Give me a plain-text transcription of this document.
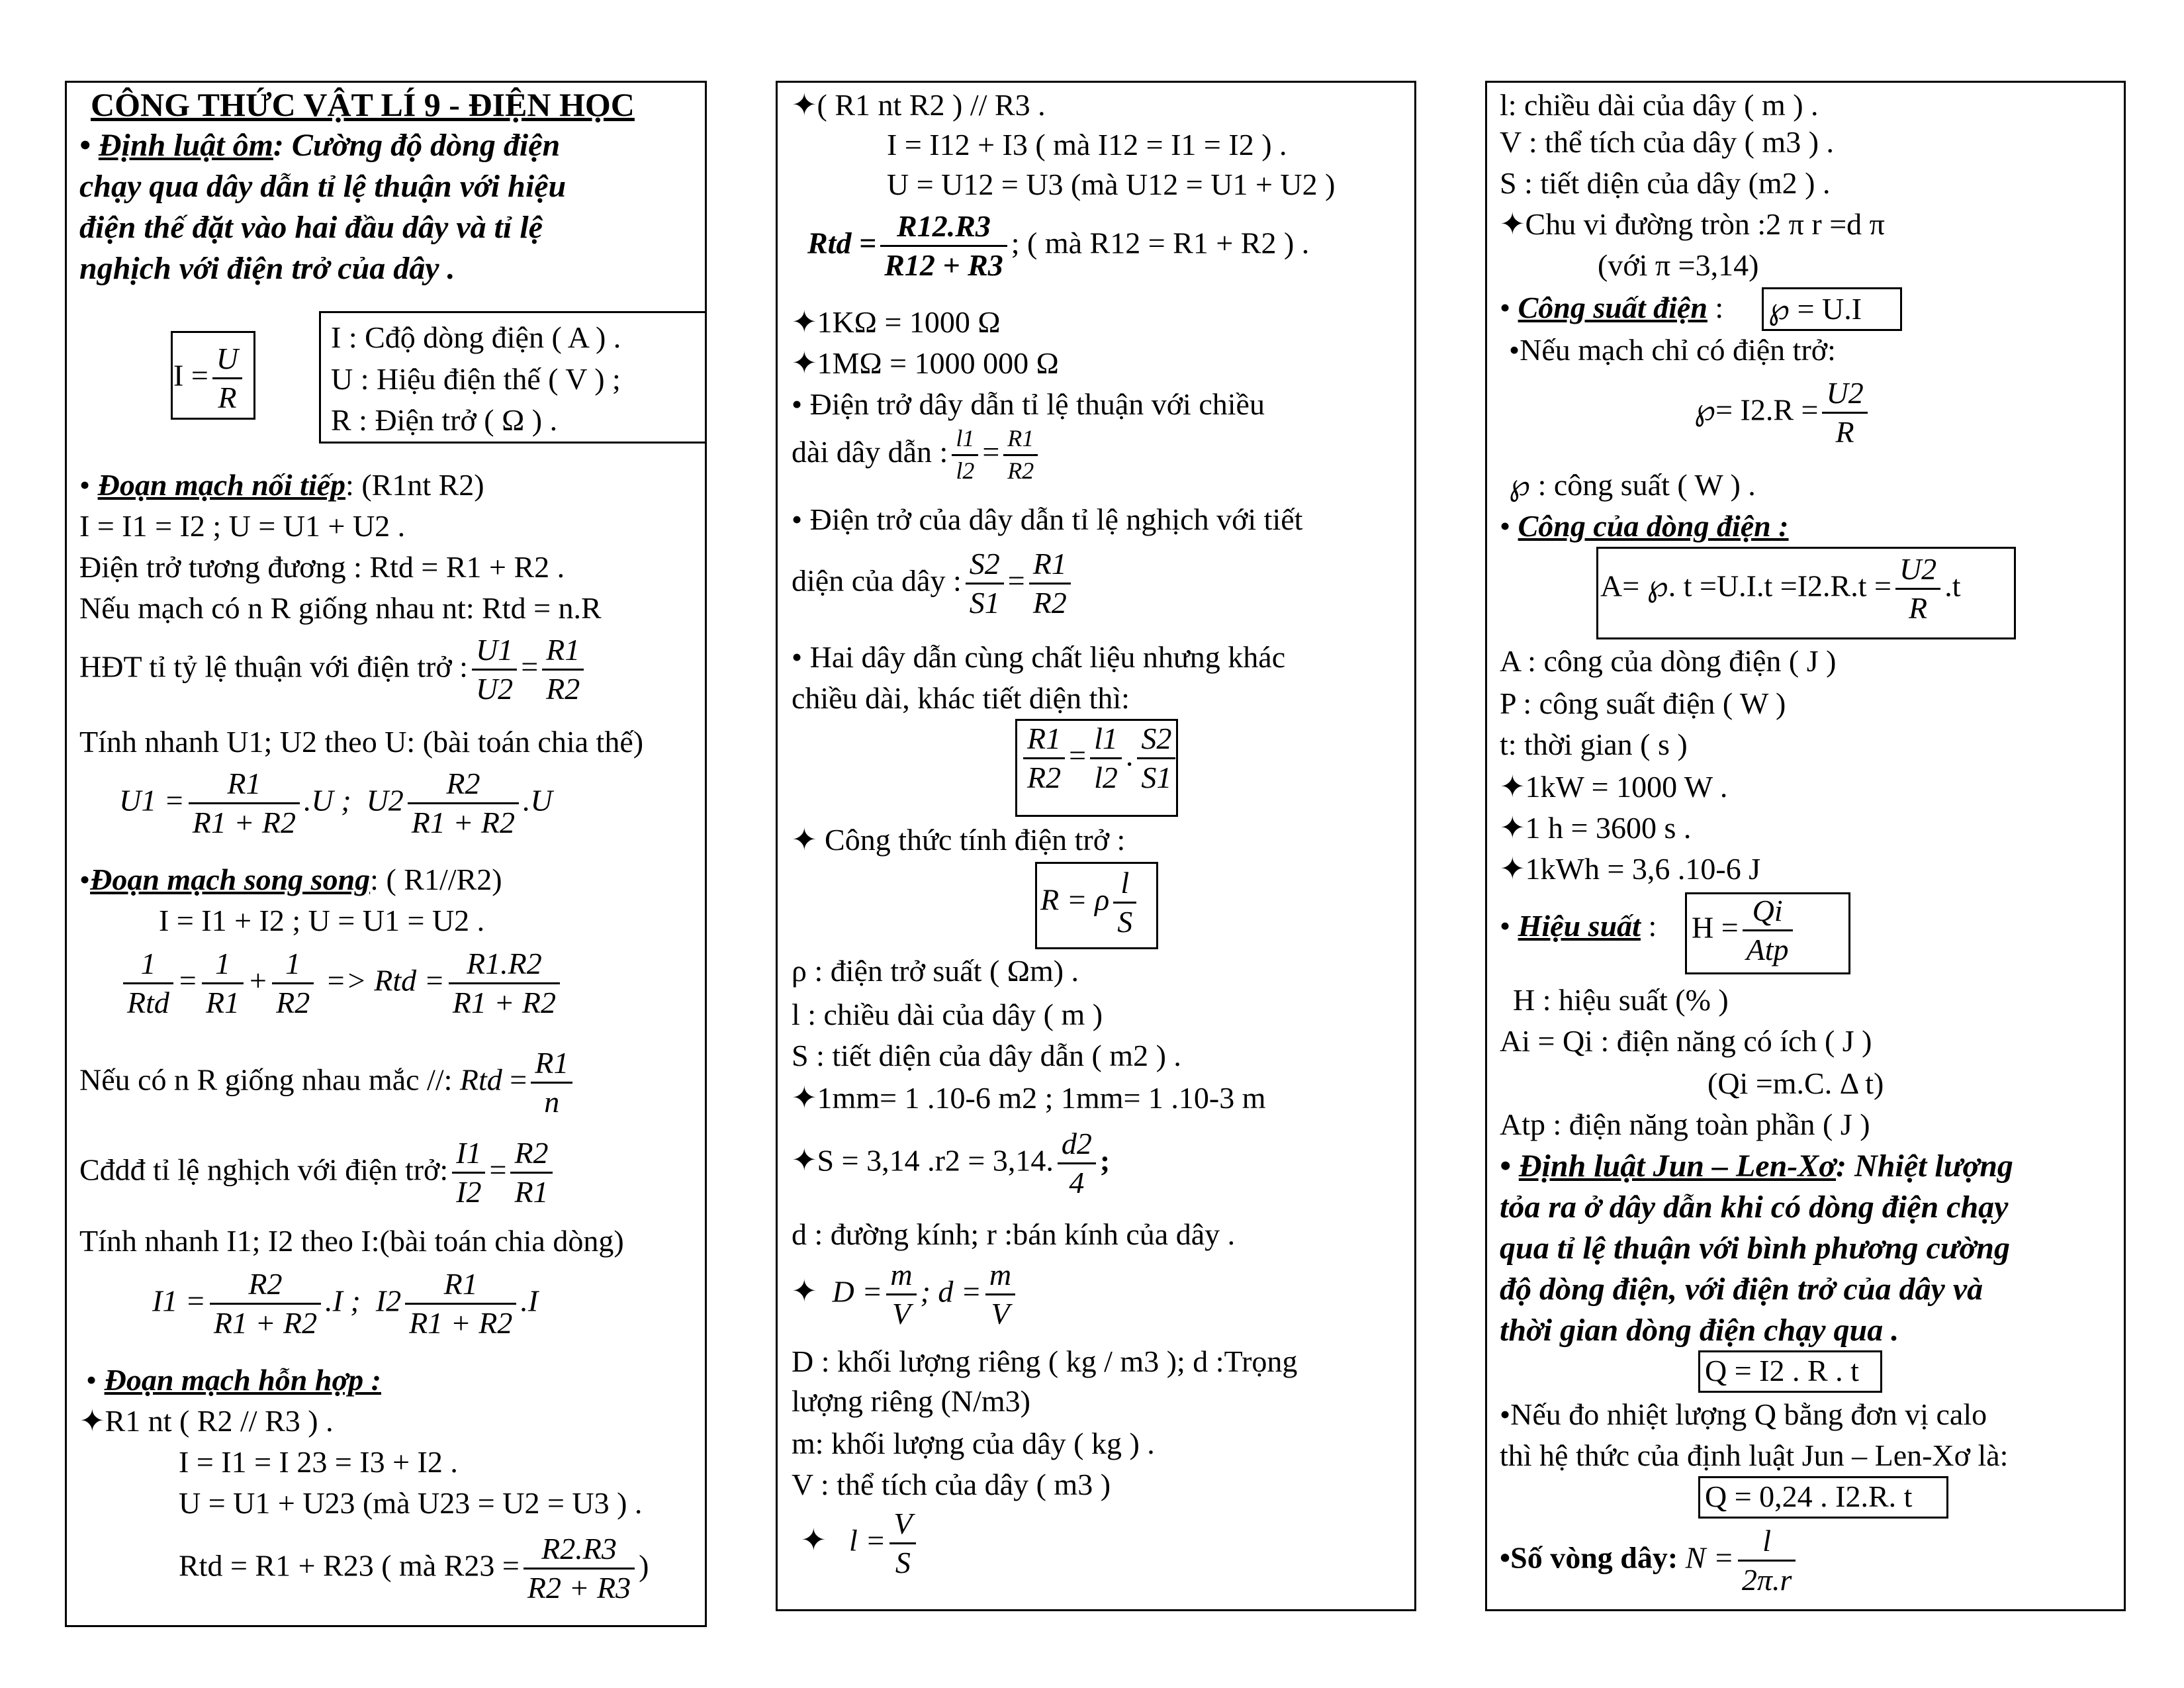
CÔNG THỨC VẬT LÍ 9 - ĐIỆN HỌC
• Định luật ôm: Cường độ dòng điện
chạy qua dây dẫn tỉ lệ thuận với hiệu
điện thế đặt vào hai đầu dây và tỉ lệ
nghịch với điện trở của dây .
$I = \frac{U}{R}$
I : Cđộ dòng điện ( A ) .
U : Hiệu điện thế ( V ) ;
R : Điện trở ( Ω ) .
• Đoạn mạch nối tiếp: (R1nt R2)
I = I1 = I2 ; U = U1 + U2 .
Điện trở tương đương : Rtd = R1 + R2 .
Nếu mạch có n R giống nhau nt: Rtd = n.R
HĐT tỉ tỷ lệ thuận với điện trở : $\frac{U1}{U2} = \frac{R1}{R2}$
Tính nhanh U1; U2 theo U: (bài toán chia thế)
$U1 = \frac{R1}{R1 + R2} .U$ ; $U2 \frac{R2}{R1 + R2} .U$
•Đoạn mạch song song: ( R1//R2)
I = I1 + I2 ; U = U1 = U2 .
1
Rtd
= $\frac{1}{R1} + \frac{1}{R2}$ => Rtd = $\frac{R1.R2}{R1 + R2}$
Nếu có n R giống nhau mắc //: Rtd = $\frac{R1}{n}$
Cđdđ tỉ lệ nghịch với điện trở: $\frac{I1}{I2} = \frac{R2}{R1}$
Tính nhanh I1; I2 theo I:(bài toán chia dòng)
$I1 = \frac{R2}{R1 + R2} .I$ ; $I2 \frac{R1}{R1 + R2} .I$
• Đoạn mạch hỗn hợp :
✦ R1 nt ( R2 // R3 ) .
I = I1 = I 23 = I3 + I2 .
U = U1 + U23 (mà U23 = U2 = U3 ) .
Rtd = R1 + R23 ( mà $R23 = \frac{R2.R3}{R2 + R3}$ )
✦ ( R1 nt R2 ) // R3 .
I = I12 + I3 ( mà I12 = I1 = I2 ) .
U = U12 = U3 (mà U12 = U1 + U2 )
Rtd = $\frac{R12.R3}{R12 + R3}$ ; ( mà R12 = R1 + R2 ) .
✦ 1KΩ = 1000 Ω
✦ 1MΩ = 1000 000 Ω
• Điện trở dây dẫn tỉ lệ thuận với chiều
dài dây dẫn : $\frac{l1}{l2} = \frac{R1}{R2}$
• Điện trở của dây dẫn tỉ lệ nghịch với tiết
diện của dây : $\frac{S2}{S1} = \frac{R1}{R2}$
• Hai dây dẫn cùng chất liệu nhưng khác
chiều dài, khác tiết diện thì:
$\frac{R1}{R2} = \frac{l1}{l2}$ . $\frac{S2}{S1}$
✦ Công thức tính điện trở :
R = ρ $\frac{l}{S}$
ρ : điện trở suất ( Ωm) .
l : chiều dài của dây ( m )
S : tiết diện của dây dẫn ( m2 ) .
✦ 1mm= 1 .10-6 m2 ; 1mm= 1 .10-3 m
✦ S = 3,14 .r2 = 3,14. $\frac{d2}{4}$ ;
d : đường kính; r :bán kính của dây .
✦   $D = \frac{m}{V}$ ; $d = \frac{m}{V}$
D : khối lượng riêng ( kg / m3 ); d :Trọng
lượng riêng (N/m3)
m: khối lượng của dây ( kg ) .
V : thể tích của dây ( m3 )
✦    $l = \frac{V}{S}$
l: chiều dài của dây ( m ) .
V : thể tích của dây ( m3 ) .
S : tiết diện của dây (m2 ) .
✦ Chu vi đường tròn :2 π r =d π
(với π =3,14)
• Công suất điện : ℘ = U.I
•Nếu mạch chỉ có điện trở:
℘= $I2.R = \frac{U2}{R}$
℘ : công suất ( W ) .
• Công của dòng điện :
A= ℘. $t =U.I.t =I2.R.t = \frac{U2}{R} .t$
A : công của dòng điện ( J )
P : công suất điện ( W )
t: thời gian ( s )
✦ 1kW = 1000 W .
✦ 1 h = 3600 s .
✦ 1kWh = 3,6 .10-6 J
• Hiệu suất : H = Qi
Atp
H : hiệu suất (% )
Ai = Qi : điện năng có ích ( J )
(Qi =m.C. Δ t)
Atp : điện năng toàn phần ( J )
• Định luật Jun – Len-Xơ: Nhiệt lượng
tỏa ra ở dây dẫn khi có dòng điện chạy
qua tỉ lệ thuận với bình phương cường
độ dòng điện, với điện trở của dây và
thời gian dòng điện chạy qua .
Q = I2 . R . t
•Nếu đo nhiệt lượng Q bằng đơn vị calo
thì hệ thức của định luật Jun – Len-Xơ là:
Q = 0,24 . I2.R. t
•Số vòng dây: $N = \frac{l}{2\pi.r}$
